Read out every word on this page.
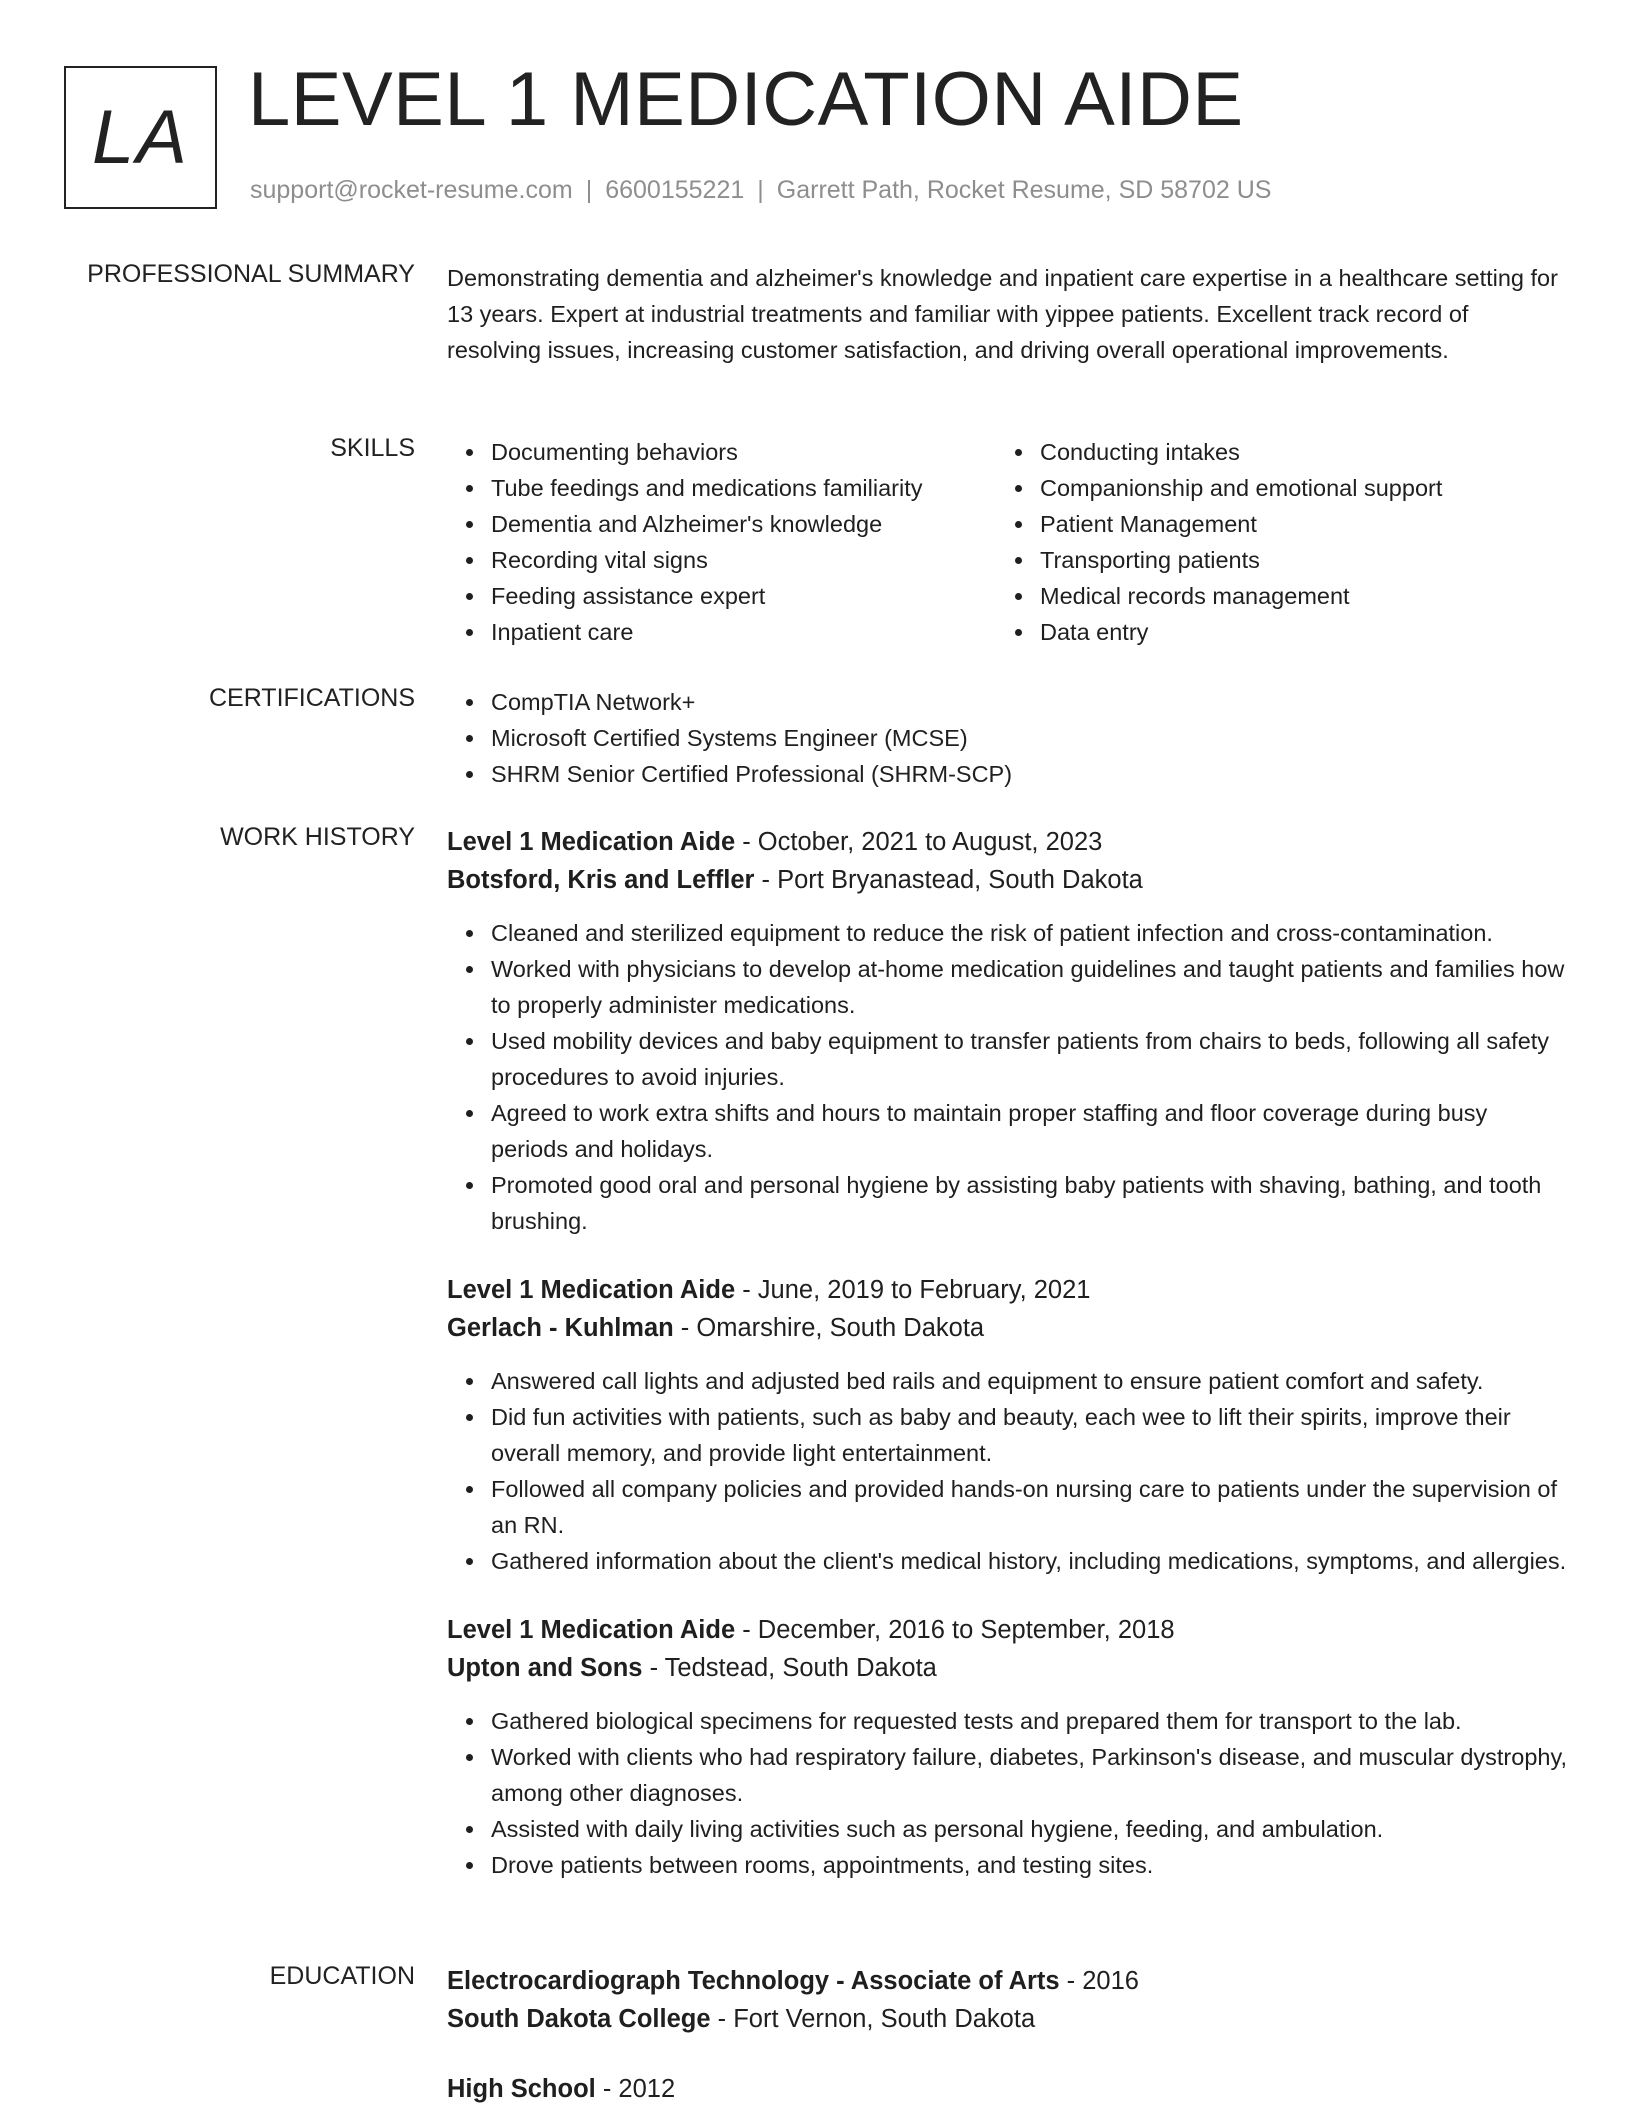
LA LEVEL 1 MEDICATION AIDE
support@rocket-resume.com | 6600155221 | Garrett Path, Rocket Resume, SD 58702 US
PROFESSIONAL SUMMARY Demonstrating dementia and alzheimer's knowledge and inpatient care expertise in a healthcare setting for 13 years. Expert at industrial treatments and familiar with yippee patients. Excellent track record of resolving issues, increasing customer satisfaction, and driving overall operational improvements.
SKILLS	Documenting behaviors
Tube feedings and medications familiarity
Dementia and Alzheimer's knowledge
Recording vital signs
Feeding assistance expert
Inpatient care
Conducting intakes
Companionship and emotional support
Patient Management
Transporting patients
Medical records management
Data entry
CERTIFICATIONS	CompTIA Network+
Microsoft Certified Systems Engineer (MCSE)
SHRM Senior Certified Professional (SHRM-SCP)
WORK HISTORY Level 1 Medication Aide - October, 2021 to August, 2023
Botsford, Kris and Leffler - Port Bryanastead, South Dakota
Cleaned and sterilized equipment to reduce the risk of patient infection and cross-contamination.
Worked with physicians to develop at-home medication guidelines and taught patients and families how to properly administer medications.
Used mobility devices and baby equipment to transfer patients from chairs to beds, following all safety procedures to avoid injuries.
Agreed to work extra shifts and hours to maintain proper staffing and floor coverage during busy periods and holidays.
Promoted good oral and personal hygiene by assisting baby patients with shaving, bathing, and tooth brushing.
Level 1 Medication Aide - June, 2019 to February, 2021
Gerlach - Kuhlman - Omarshire, South Dakota
Answered call lights and adjusted bed rails and equipment to ensure patient comfort and safety.
Did fun activities with patients, such as baby and beauty, each wee to lift their spirits, improve their overall memory, and provide light entertainment.
Followed all company policies and provided hands-on nursing care to patients under the supervision of an RN.
Gathered information about the client's medical history, including medications, symptoms, and allergies.
Level 1 Medication Aide - December, 2016 to September, 2018
Upton and Sons - Tedstead, South Dakota
Gathered biological specimens for requested tests and prepared them for transport to the lab.
Worked with clients who had respiratory failure, diabetes, Parkinson's disease, and muscular dystrophy, among other diagnoses.
Assisted with daily living activities such as personal hygiene, feeding, and ambulation.
Drove patients between rooms, appointments, and testing sites.
EDUCATION Electrocardiograph Technology - Associate of Arts - 2016
South Dakota College - Fort Vernon, South Dakota
High School - 2012
